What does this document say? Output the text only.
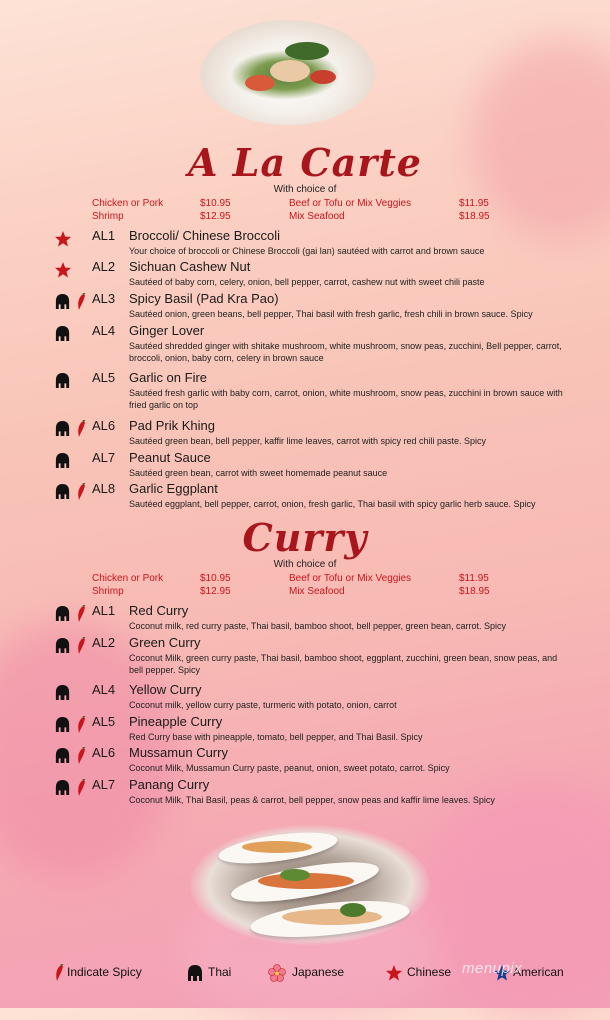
A La Carte
With choice of
Chicken or Pork	$10.95	Beef or Tofu or Mix Veggies	$11.95
Shrimp	$12.95	Mix Seafood	$18.95
AL1 Broccoli/ Chinese Broccoli
Your choice of broccoli or Chinese Broccoli (gai lan) sautéed with carrot and brown sauce
AL2 Sichuan Cashew Nut
Sautéed of baby corn, celery, onion, bell pepper, carrot, cashew nut with sweet chili paste
AL3 Spicy Basil (Pad Kra Pao)
Sautéed onion, green beans, bell pepper, Thai basil with fresh garlic, fresh chili in brown sauce. Spicy
AL4 Ginger Lover
Sautéed shredded ginger with shitake mushroom, white mushroom, snow peas, zucchini, Bell pepper, carrot, broccoli, onion, baby corn, celery in brown sauce
AL5 Garlic on Fire
Sautéed fresh garlic with baby corn, carrot, onion, white mushroom, snow peas, zucchini in brown sauce with fried garlic on top
AL6 Pad Prik Khing
Sautéed green bean, bell pepper, kaffir lime leaves, carrot with spicy red chili paste. Spicy
AL7 Peanut Sauce
Sautéed green bean, carrot with sweet homemade peanut sauce
AL8 Garlic Eggplant
Sautéed eggplant, bell pepper, carrot, onion, fresh garlic, Thai basil with spicy garlic herb sauce. Spicy
Curry
With choice of
Chicken or Pork	$10.95	Beef or Tofu or Mix Veggies	$11.95
Shrimp	$12.95	Mix Seafood	$18.95
AL1 Red Curry
Coconut milk, red curry paste, Thai basil, bamboo shoot, bell pepper, green bean, carrot. Spicy
AL2 Green Curry
Coconut Milk, green curry paste, Thai basil, bamboo shoot, eggplant, zucchini, green bean, snow peas, and bell pepper. Spicy
AL4 Yellow Curry
Coconut milk, yellow curry paste, turmeric with potato, onion, carrot
AL5 Pineapple Curry
Red Curry base with pineapple, tomato, bell pepper, and Thai Basil. Spicy
AL6 Mussamun Curry
Coconut Milk, Mussamun Curry paste, peanut, onion, sweet potato, carrot. Spicy
AL7 Panang Curry
Coconut Milk, Thai Basil, peas & carrot, bell pepper, snow peas and kaffir lime leaves. Spicy
Indicate Spicy	Thai	Japanese	Chinese	American
menupix
